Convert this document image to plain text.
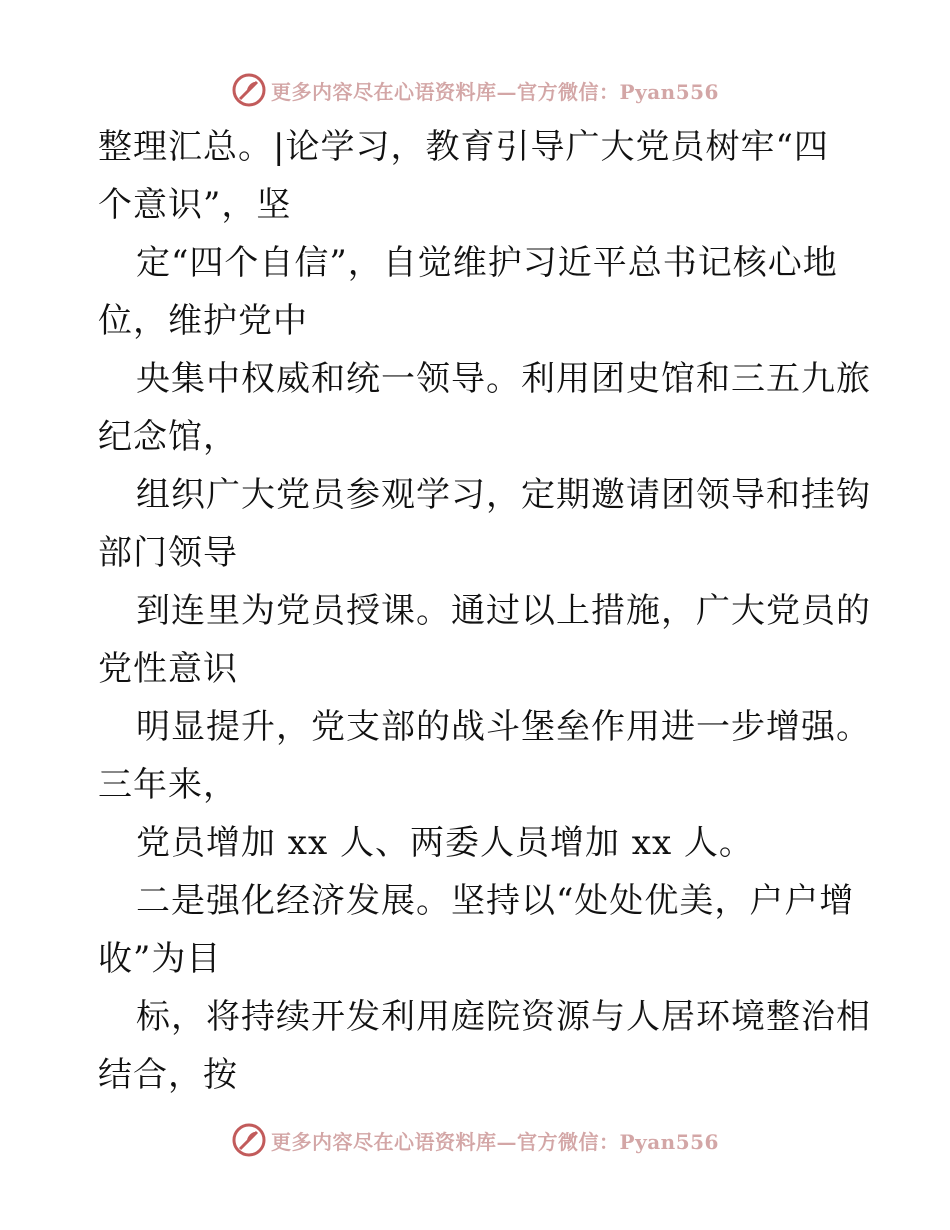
更多内容尽在心语资料库—官方微信：Pyan556
整理汇总。|论学习，教育引导广大党员树牢“四
个意识”，坚
定“四个自信”，自觉维护习近平总书记核心地
位，维护党中
央集中权威和统一领导。利用团史馆和三五九旅
纪念馆，
组织广大党员参观学习，定期邀请团领导和挂钩
部门领导
到连里为党员授课。通过以上措施，广大党员的
党性意识
明显提升，党支部的战斗堡垒作用进一步增强。
三年来，
党员增加 xx 人、两委人员增加 xx 人。
二是强化经济发展。坚持以“处处优美，户户增
收”为目
标，将持续开发利用庭院资源与人居环境整治相
结合，按
更多内容尽在心语资料库—官方微信：Pyan556
